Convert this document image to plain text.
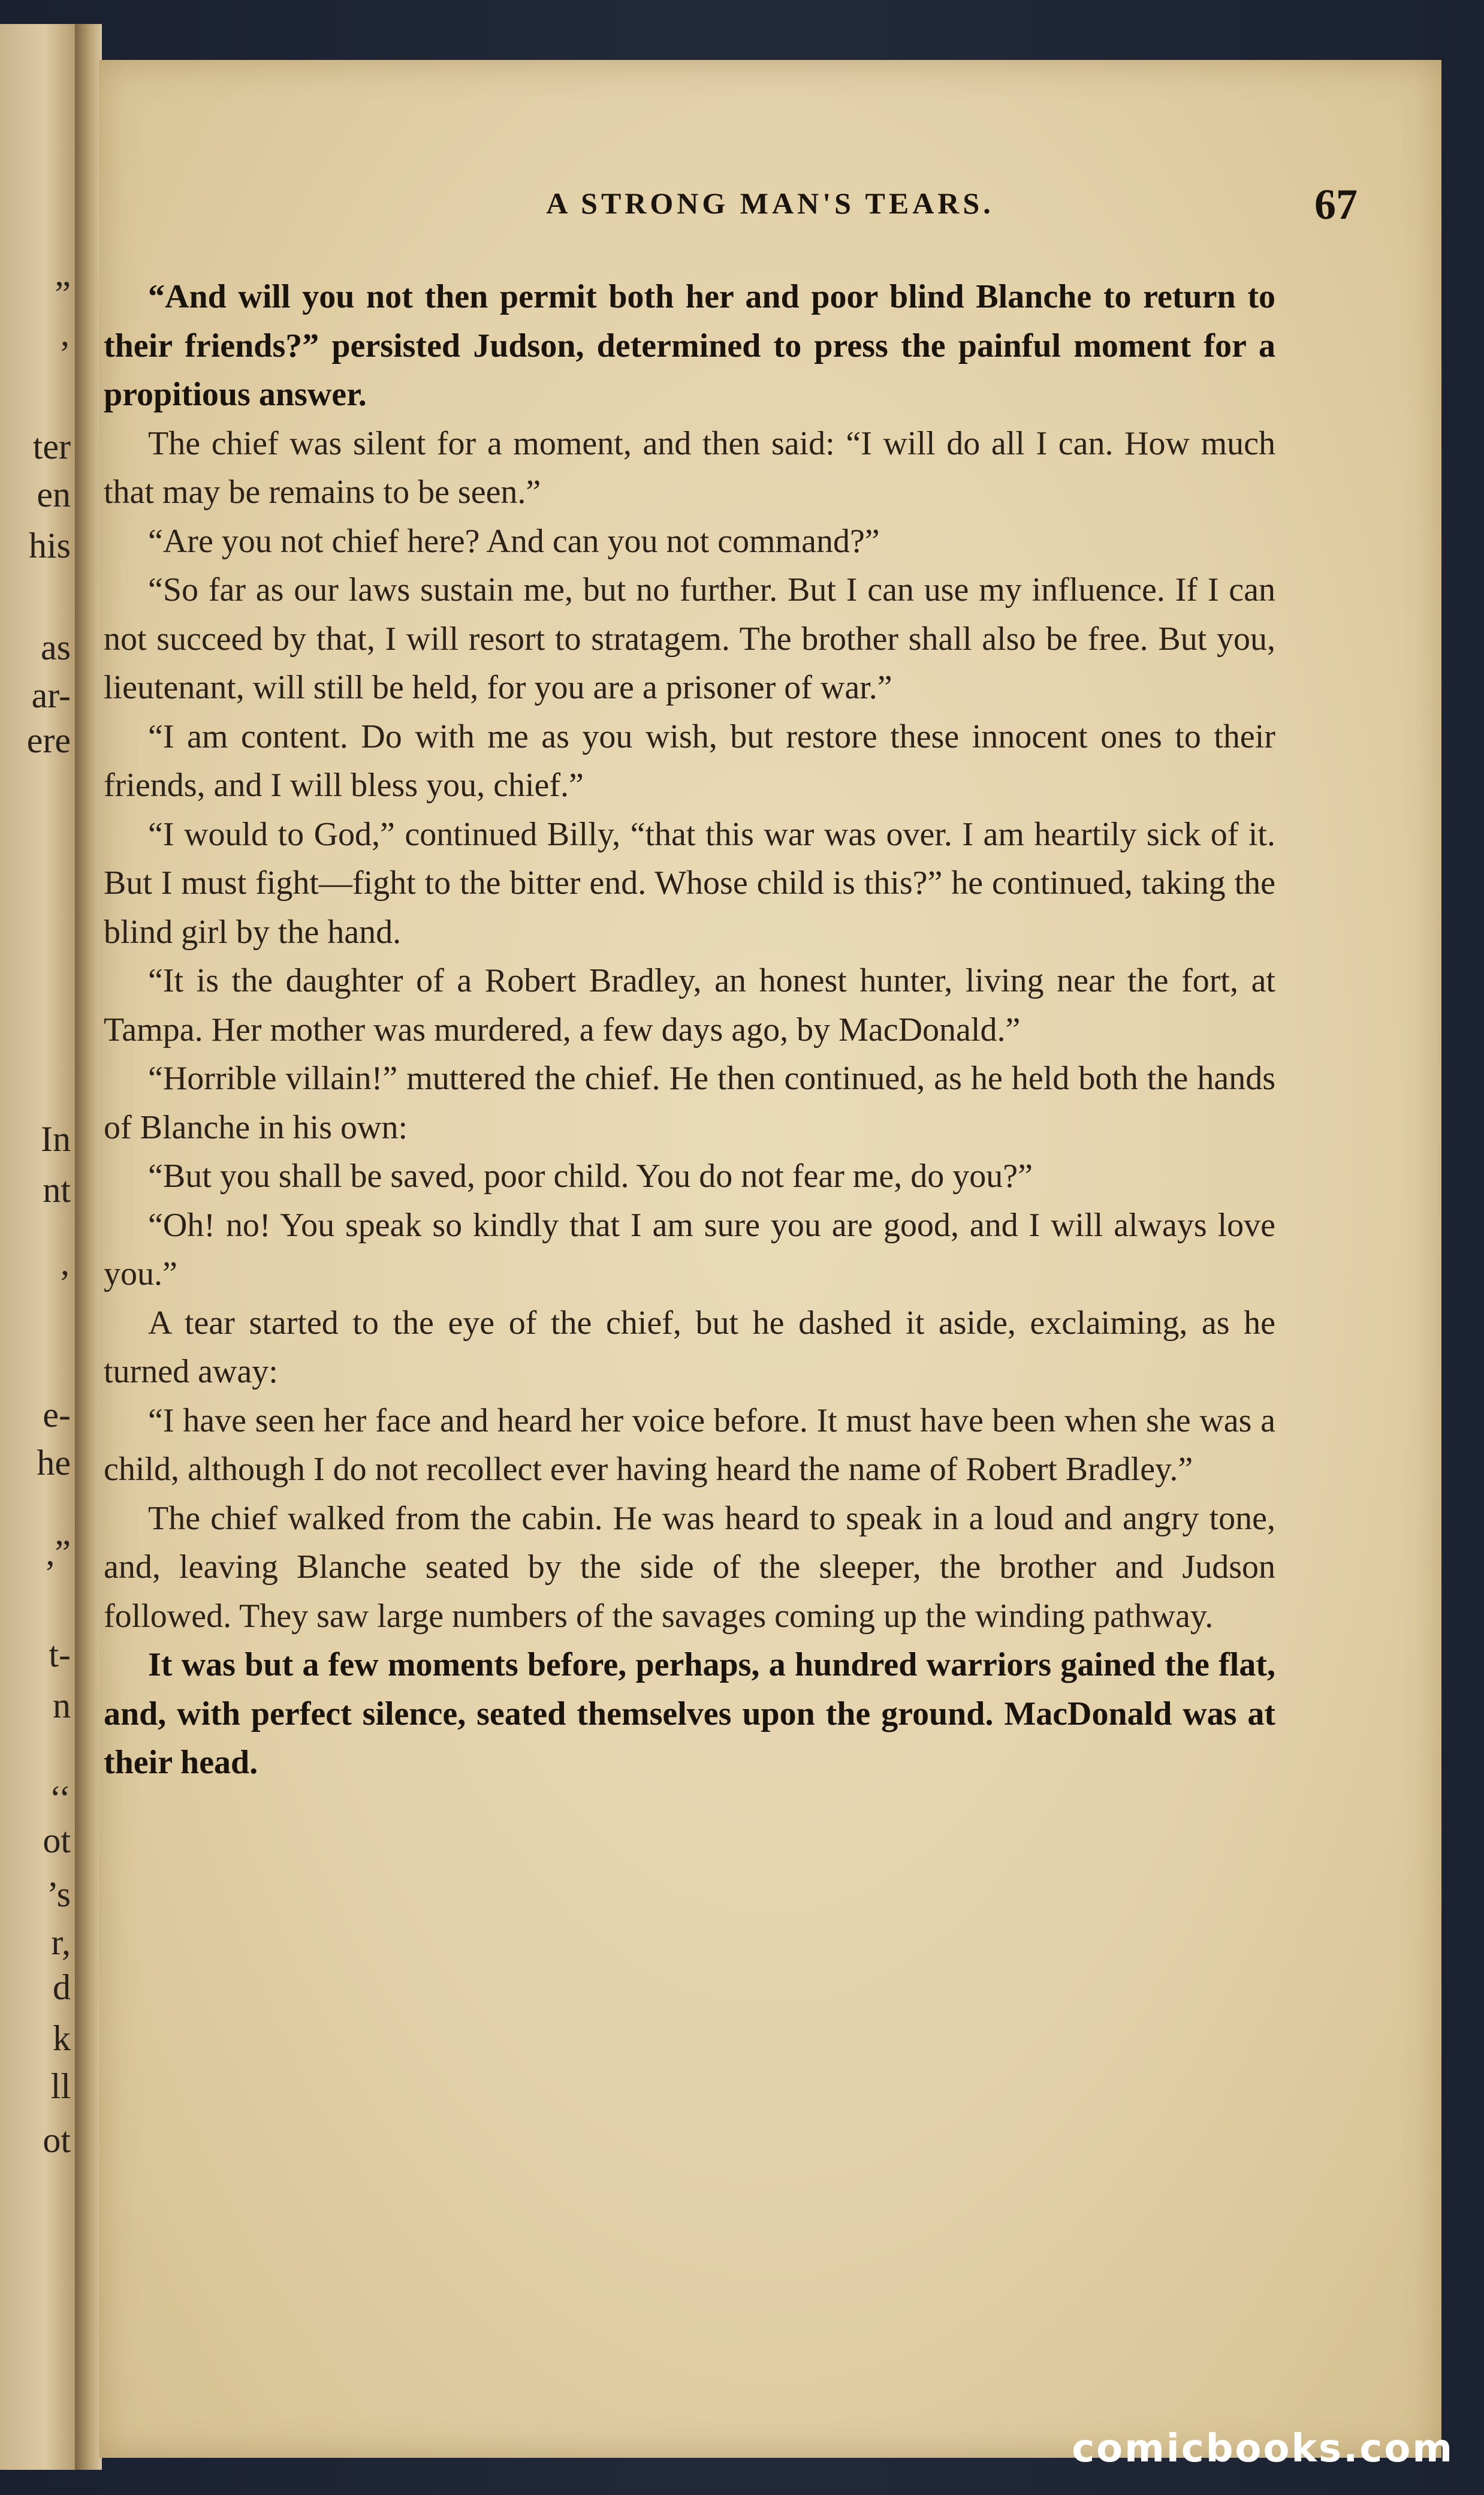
”
’
ter
en
his
as
ar-
ere
In
nt
’
e-
he
,”
t-
n
‘‘
ot
’s
r,
d
k
ll
ot
A STRONG MAN'S TEARS.	67

“And will you not then permit both her and poor blind Blanche to return to their friends?” persisted Judson, determined to press the painful moment for a propitious answer.

The chief was silent for a moment, and then said: “I will do all I can. How much that may be remains to be seen.”

“Are you not chief here? And can you not command?”

“So far as our laws sustain me, but no further. But I can use my influence. If I can not succeed by that, I will resort to stratagem. The brother shall also be free. But you, lieutenant, will still be held, for you are a prisoner of war.”

“I am content. Do with me as you wish, but restore these innocent ones to their friends, and I will bless you, chief.”

“I would to God,” continued Billy, “that this war was over. I am heartily sick of it. But I must fight—fight to the bitter end. Whose child is this?” he continued, taking the blind girl by the hand.

“It is the daughter of a Robert Bradley, an honest hunter, living near the fort, at Tampa. Her mother was murdered, a few days ago, by MacDonald.”

“Horrible villain!” muttered the chief. He then continued, as he held both the hands of Blanche in his own:

“But you shall be saved, poor child. You do not fear me, do you?”

“Oh! no! You speak so kindly that I am sure you are good, and I will always love you.”

A tear started to the eye of the chief, but he dashed it aside, exclaiming, as he turned away:

“I have seen her face and heard her voice before. It must have been when she was a child, although I do not recollect ever having heard the name of Robert Bradley.”

The chief walked from the cabin. He was heard to speak in a loud and angry tone, and, leaving Blanche seated by the side of the sleeper, the brother and Judson followed. They saw large numbers of the savages coming up the winding pathway.

It was but a few moments before, perhaps, a hundred warriors gained the flat, and, with perfect silence, seated themselves upon the ground. MacDonald was at their head.

comicbooks.com
